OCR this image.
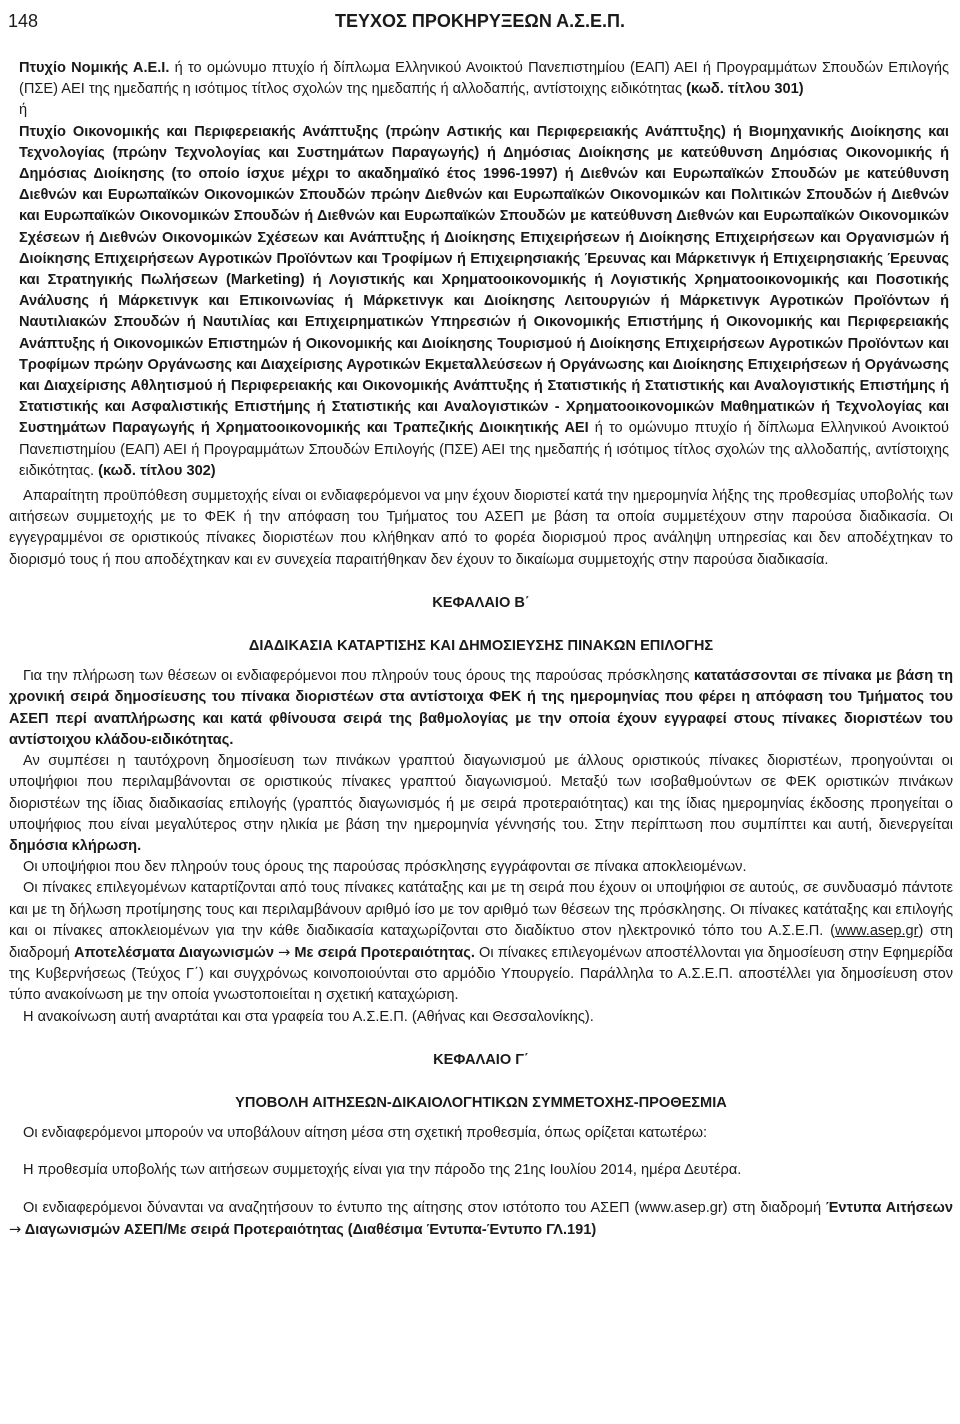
148	ΤΕΥΧΟΣ ΠΡΟΚΗΡΥΞΕΩΝ Α.Σ.Ε.Π.

Πτυχίο Νομικής Α.Ε.Ι. ή το ομώνυμο πτυχίο ή δίπλωμα Ελληνικού Ανοικτού Πανεπιστημίου (ΕΑΠ) ΑΕΙ ή Προγραμμάτων Σπουδών Επιλογής (ΠΣΕ) ΑΕΙ της ημεδαπής η ισότιμος τίτλος σχολών της ημεδαπής ή αλλοδαπής, αντίστοιχης ειδικότητας (κωδ. τίτλου 301)

ή

Πτυχίο Οικονομικής και Περιφερειακής Ανάπτυξης (πρώην Αστικής και Περιφερειακής Ανάπτυξης) ή Βιομηχανικής Διοίκησης και Τεχνολογίας (πρώην Τεχνολογίας και Συστημάτων Παραγωγής) ή Δημόσιας Διοίκησης με κατεύθυνση Δημόσιας Οικονομικής ή Δημόσιας Διοίκησης (το οποίο ίσχυε μέχρι το ακαδημαϊκό έτος 1996-1997) ή Διεθνών και Ευρωπαϊκών Σπουδών με κατεύθυνση Διεθνών και Ευρωπαϊκών Οικονομικών Σπουδών πρώην Διεθνών και Ευρωπαϊκών Οικονομικών και Πολιτικών Σπουδών ή Διεθνών και Ευρωπαϊκών Οικονομικών Σπουδών ή Διεθνών και Ευρωπαϊκών Σπουδών με κατεύθυνση Διεθνών και Ευρωπαϊκών Οικονομικών Σχέσεων ή Διεθνών Οικονομικών Σχέσεων και Ανάπτυξης ή Διοίκησης Επιχειρήσεων ή Διοίκησης Επιχειρήσεων και Οργανισμών ή Διοίκησης Επιχειρήσεων Αγροτικών Προϊόντων και Τροφίμων ή Επιχειρησιακής Έρευνας και Μάρκετινγκ ή Επιχειρησιακής Έρευνας και Στρατηγικής Πωλήσεων (Marketing) ή Λογιστικής και Χρηματοοικονομικής ή Λογιστικής Χρηματοοικονομικής και Ποσοτικής Ανάλυσης ή Μάρκετινγκ και Επικοινωνίας ή Μάρκετινγκ και Διοίκησης Λειτουργιών ή Μάρκετινγκ Αγροτικών Προϊόντων ή Ναυτιλιακών Σπουδών ή Ναυτιλίας και Επιχειρηματικών Υπηρεσιών ή Οικονομικής Επιστήμης ή Οικονομικής και Περιφερειακής Ανάπτυξης ή Οικονομικών Επιστημών ή Οικονομικής και Διοίκησης Τουρισμού ή Διοίκησης Επιχειρήσεων Αγροτικών Προϊόντων και Τροφίμων πρώην Οργάνωσης και Διαχείρισης Αγροτικών Εκμεταλλεύσεων ή Οργάνωσης και Διοίκησης Επιχειρήσεων ή Οργάνωσης και Διαχείρισης Αθλητισμού ή Περιφερειακής και Οικονομικής Ανάπτυξης ή Στατιστικής ή Στατιστικής και Αναλογιστικής Επιστήμης ή Στατιστικής και Ασφαλιστικής Επιστήμης ή Στατιστικής και Αναλογιστικών - Χρηματοοικονομικών Μαθηματικών ή Τεχνολογίας και Συστημάτων Παραγωγής ή Χρηματοοικονομικής και Τραπεζικής Διοικητικής ΑΕΙ ή το ομώνυμο πτυχίο ή δίπλωμα Ελληνικού Ανοικτού Πανεπιστημίου (ΕΑΠ) ΑΕΙ ή Προγραμμάτων Σπουδών Επιλογής (ΠΣΕ) ΑΕΙ της ημεδαπής ή ισότιμος τίτλος σχολών της αλλοδαπής, αντίστοιχης ειδικότητας. (κωδ. τίτλου 302)

Απαραίτητη προϋπόθεση συμμετοχής είναι οι ενδιαφερόμενοι να μην έχουν διοριστεί κατά την ημερομηνία λήξης της προθεσμίας υποβολής των αιτήσεων συμμετοχής με το ΦΕΚ ή την απόφαση του Τμήματος του ΑΣΕΠ με βάση τα οποία συμμετέχουν στην παρούσα διαδικασία. Οι εγγεγραμμένοι σε οριστικούς πίνακες διοριστέων που κλήθηκαν από το φορέα διορισμού προς ανάληψη υπηρεσίας και δεν αποδέχτηκαν το διορισμό τους ή που αποδέχτηκαν και εν συνεχεία παραιτήθηκαν δεν έχουν το δικαίωμα συμμετοχής στην παρούσα διαδικασία.

ΚΕΦΑΛΑΙΟ Β΄

ΔΙΑΔΙΚΑΣΙΑ ΚΑΤΑΡΤΙΣΗΣ ΚΑΙ ΔΗΜΟΣΙΕΥΣΗΣ ΠΙΝΑΚΩΝ ΕΠΙΛΟΓΗΣ

Για την πλήρωση των θέσεων οι ενδιαφερόμενοι που πληρούν τους όρους της παρούσας πρόσκλησης κατατάσσονται σε πίνακα με βάση τη χρονική σειρά δημοσίευσης του πίνακα διοριστέων στα αντίστοιχα ΦΕΚ ή της ημερομηνίας που φέρει η απόφαση του Τμήματος του ΑΣΕΠ περί αναπλήρωσης και κατά φθίνουσα σειρά της βαθμολογίας με την οποία έχουν εγγραφεί στους πίνακες διοριστέων του αντίστοιχου κλάδου-ειδικότητας.

Αν συμπέσει η ταυτόχρονη δημοσίευση των πινάκων γραπτού διαγωνισμού με άλλους οριστικούς πίνακες διοριστέων, προηγούνται οι υποψήφιοι που περιλαμβάνονται σε οριστικούς πίνακες γραπτού διαγωνισμού. Μεταξύ των ισοβαθμούντων σε ΦΕΚ οριστικών πινάκων διοριστέων της ίδιας διαδικασίας επιλογής (γραπτός διαγωνισμός ή με σειρά προτεραιότητας) και της ίδιας ημερομηνίας έκδοσης προηγείται ο υποψήφιος που είναι μεγαλύτερος στην ηλικία με βάση την ημερομηνία γέννησής του. Στην περίπτωση που συμπίπτει και αυτή, διενεργείται δημόσια κλήρωση.

Οι υποψήφιοι που δεν πληρούν τους όρους της παρούσας πρόσκλησης εγγράφονται σε πίνακα αποκλειομένων.

Οι πίνακες επιλεγομένων καταρτίζονται από τους πίνακες κατάταξης και με τη σειρά που έχουν οι υποψήφιοι σε αυτούς, σε συνδυασμό πάντοτε και με τη δήλωση προτίμησης τους και περιλαμβάνουν αριθμό ίσο με τον αριθμό των θέσεων της πρόσκλησης. Οι πίνακες κατάταξης και επιλογής και οι πίνακες αποκλειομένων για την κάθε διαδικασία καταχωρίζονται στο διαδίκτυο στον ηλεκτρονικό τόπο του Α.Σ.Ε.Π. (www.asep.gr) στη διαδρομή Αποτελέσματα Διαγωνισμών → Με σειρά Προτεραιότητας. Οι πίνακες επιλεγομένων αποστέλλονται για δημοσίευση στην Εφημερίδα της Κυβερνήσεως (Τεύχος Γ΄) και συγχρόνως κοινοποιούνται στο αρμόδιο Υπουργείο. Παράλληλα το Α.Σ.Ε.Π. αποστέλλει για δημοσίευση στον τύπο ανακοίνωση με την οποία γνωστοποιείται η σχετική καταχώριση.

Η ανακοίνωση αυτή αναρτάται και στα γραφεία του Α.Σ.Ε.Π. (Αθήνας και Θεσσαλονίκης).

ΚΕΦΑΛΑΙΟ Γ΄

ΥΠΟΒΟΛΗ ΑΙΤΗΣΕΩΝ-ΔΙΚΑΙΟΛΟΓΗΤΙΚΩΝ ΣΥΜΜΕΤΟΧΗΣ-ΠΡΟΘΕΣΜΙΑ

Οι ενδιαφερόμενοι μπορούν να υποβάλουν αίτηση μέσα στη σχετική προθεσμία, όπως ορίζεται κατωτέρω:

Η προθεσμία υποβολής των αιτήσεων συμμετοχής είναι για την πάροδο της 21ης Ιουλίου 2014, ημέρα Δευτέρα.

Οι ενδιαφερόμενοι δύνανται να αναζητήσουν το έντυπο της αίτησης στον ιστότοπο του ΑΣΕΠ (www.asep.gr) στη διαδρομή Έντυπα Αιτήσεων → Διαγωνισμών ΑΣΕΠ/Με σειρά Προτεραιότητας (Διαθέσιμα Έντυπα-Έντυπο ΓΛ.191)
